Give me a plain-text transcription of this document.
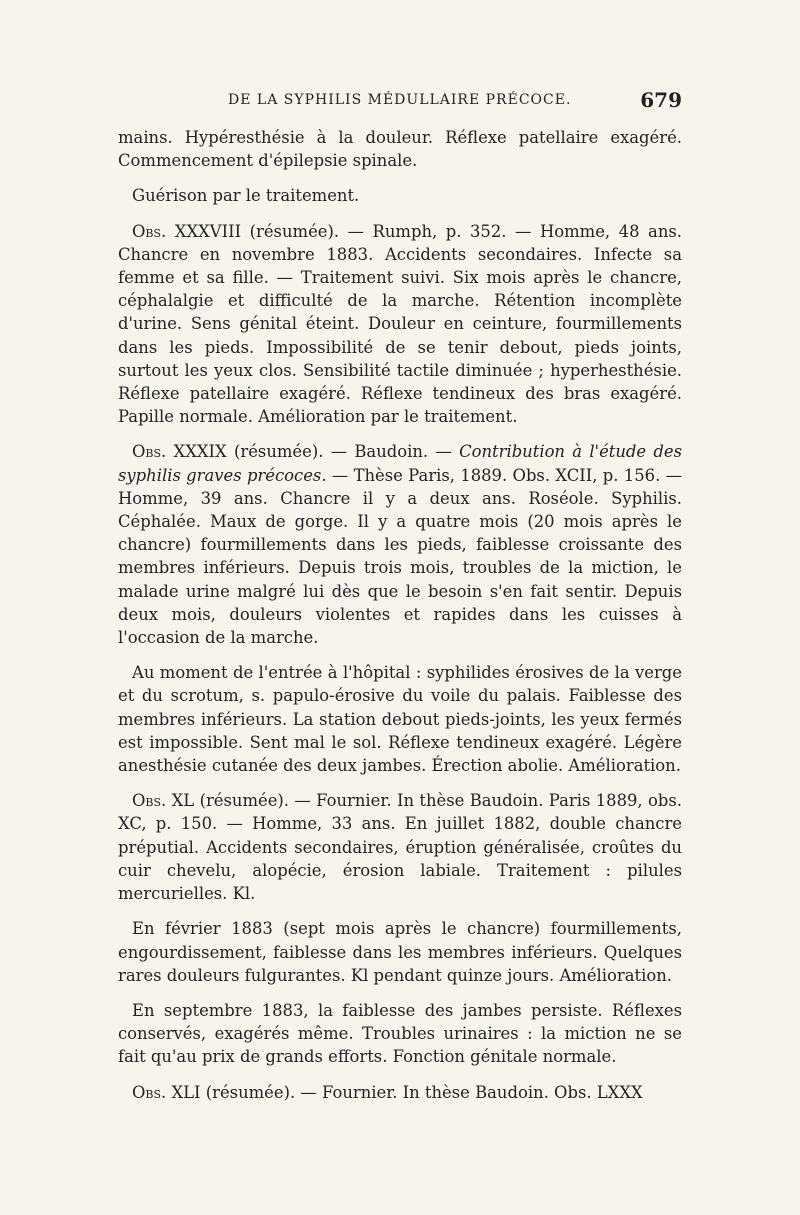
DE LA SYPHILIS MÉDULLAIRE PRÉCOCE.	679

mains. Hypéresthésie à la douleur. Réflexe patellaire exagéré. Commencement d'épilepsie spinale.

Guérison par le traitement.

Obs. XXXVIII (résumée). — Rumph, p. 352. — Homme, 48 ans. Chancre en novembre 1883. Accidents secondaires. Infecte sa femme et sa fille. — Traitement suivi. Six mois après le chancre, céphalalgie et difficulté de la marche. Rétention incomplète d'urine. Sens génital éteint. Douleur en ceinture, fourmillements dans les pieds. Impossibilité de se tenir debout, pieds joints, surtout les yeux clos. Sensibilité tactile diminuée ; hyperhesthésie. Réflexe patellaire exagéré. Réflexe tendineux des bras exagéré. Papille normale. Amélioration par le traitement.

Obs. XXXIX (résumée). — Baudoin. — Contribution à l'étude des syphilis graves précoces. — Thèse Paris, 1889. Obs. XCII, p. 156. — Homme, 39 ans. Chancre il y a deux ans. Roséole. Syphilis. Céphalée. Maux de gorge. Il y a quatre mois (20 mois après le chancre) fourmillements dans les pieds, faiblesse croissante des membres inférieurs. Depuis trois mois, troubles de la miction, le malade urine malgré lui dès que le besoin s'en fait sentir. Depuis deux mois, douleurs violentes et rapides dans les cuisses à l'occasion de la marche.

Au moment de l'entrée à l'hôpital : syphilides érosives de la verge et du scrotum, s. papulo-érosive du voile du palais. Faiblesse des membres inférieurs. La station debout pieds-joints, les yeux fermés est impossible. Sent mal le sol. Réflexe tendineux exagéré. Légère anesthésie cutanée des deux jambes. Érection abolie. Amélioration.

Obs. XL (résumée). — Fournier. In thèse Baudoin. Paris 1889, obs. XC, p. 150. — Homme, 33 ans. En juillet 1882, double chancre préputial. Accidents secondaires, éruption généralisée, croûtes du cuir chevelu, alopécie, érosion labiale. Traitement : pilules mercurielles. Kl.

En février 1883 (sept mois après le chancre) fourmillements, engourdissement, faiblesse dans les membres inférieurs. Quelques rares douleurs fulgurantes. Kl pendant quinze jours. Amélioration.

En septembre 1883, la faiblesse des jambes persiste. Réflexes conservés, exagérés même. Troubles urinaires : la miction ne se fait qu'au prix de grands efforts. Fonction génitale normale.

Obs. XLI (résumée). — Fournier. In thèse Baudoin. Obs. LXXX
